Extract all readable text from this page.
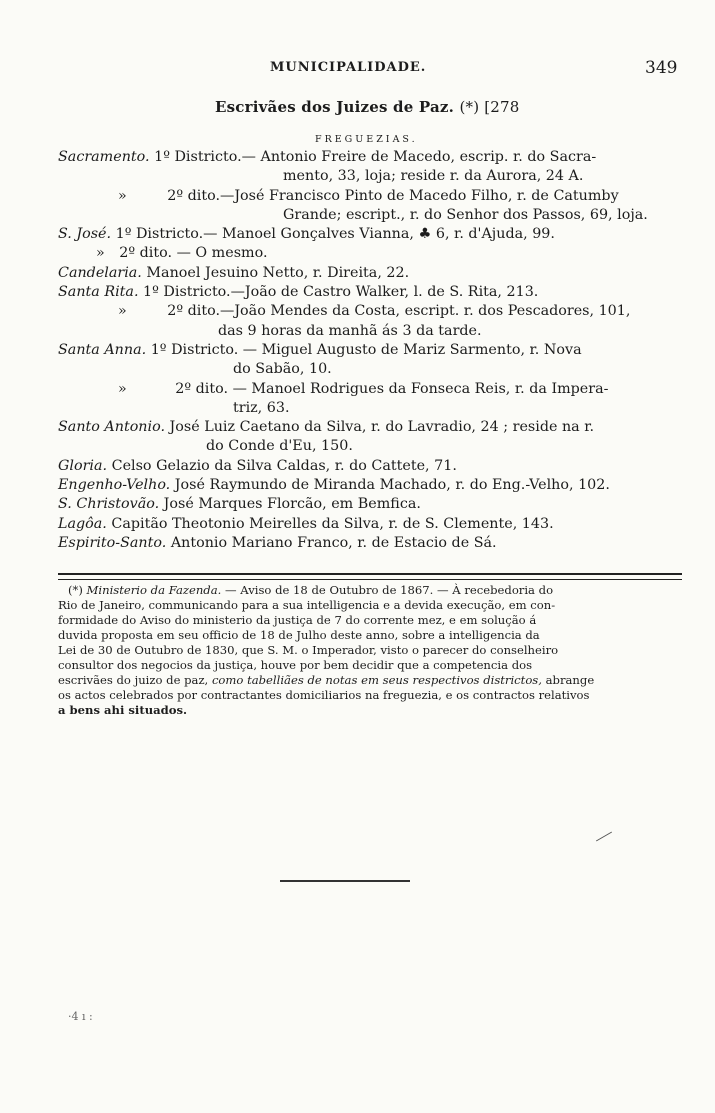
MUNICIPALIDADE.	349
Escrivães dos Juizes de Paz. (*) [278
FREGUEZIAS.
Sacramento. 1º Districto.— Antonio Freire de Macedo, escrip. r. do Sacra-
mento, 33, loja; reside r. da Aurora, 24 A.
»	2º dito.—José Francisco Pinto de Macedo Filho, r. de Catumby
Grande; escript., r. do Senhor dos Passos, 69, loja.
S. José. 1º Districto.— Manoel Gonçalves Vianna, ♣ 6, r. d'Ajuda, 99.
» 2º dito. — O mesmo.
Candelaria. Manoel Jesuino Netto, r. Direita, 22.
Santa Rita. 1º Districto.—João de Castro Walker, l. de S. Rita, 213.
»	2º dito.—João Mendes da Costa, escript. r. dos Pescadores, 101,
das 9 horas da manhã ás 3 da tarde.
Santa Anna. 1º Districto. — Miguel Augusto de Mariz Sarmento, r. Nova
do Sabão, 10.
»	2º dito. — Manoel Rodrigues da Fonseca Reis, r. da Impera-
triz, 63.
Santo Antonio. José Luiz Caetano da Silva, r. do Lavradio, 24 ; reside na r.
do Conde d'Eu, 150.
Gloria. Celso Gelazio da Silva Caldas, r. do Cattete, 71.
Engenho-Velho. José Raymundo de Miranda Machado, r. do Eng.-Velho, 102.
S. Christovão. José Marques Florcão, em Bemfica.
Lagôa. Capitão Theotonio Meirelles da Silva, r. de S. Clemente, 143.
Espirito-Santo. Antonio Mariano Franco, r. de Estacio de Sá.

(*) Ministerio da Fazenda. — Aviso de 18 de Outubro de 1867. — À recebedoria do

Rio de Janeiro, communicando para a sua intelligencia e a devida execução, em con-

formidade do Aviso do ministerio da justiça de 7 do corrente mez, e em solução á

duvida proposta em seu officio de 18 de Julho deste anno, sobre a intelligencia da

Lei de 30 de Outubro de 1830, que S. M. o Imperador, visto o parecer do conselheiro

consultor dos negocios da justiça, houve por bem decidir que a competencia dos

escrivães do juizo de paz, como tabelliães de notas em seus respectivos districtos, abrange

os actos celebrados por contractantes domiciliarios na freguezia, e os contractos relativos

a bens ahi situados.

·4 ı :
